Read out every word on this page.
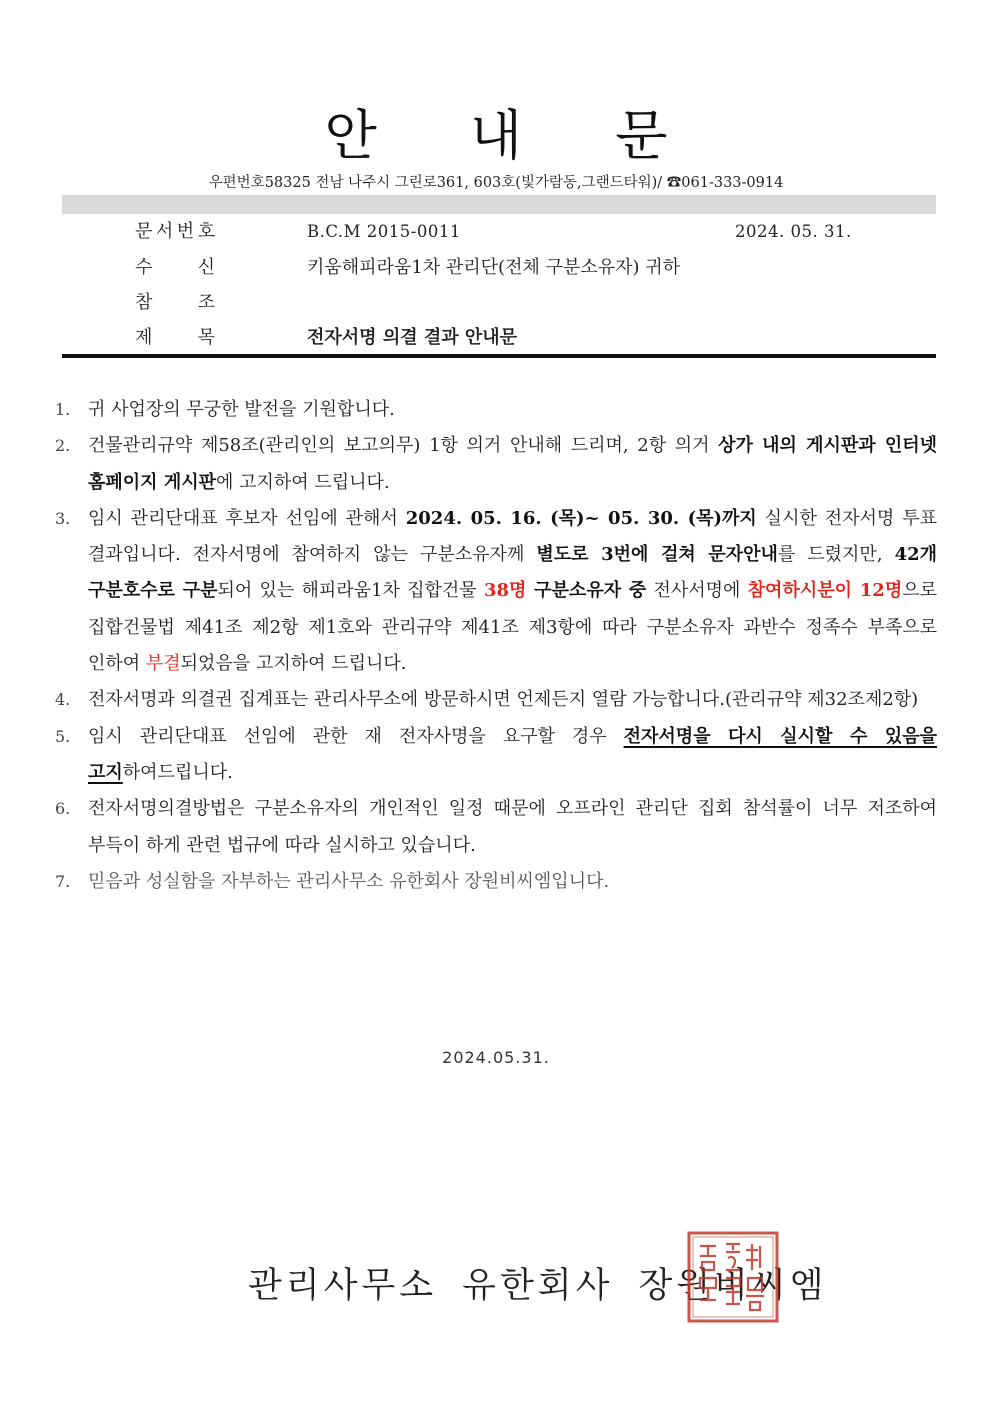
안 내 문
우편번호58325 전남 나주시 그린로361, 603호(빛가람동,그랜드타워)/ ☎061-333-0914
문 서 번 호	B.C.M 2015-0011	2024. 05. 31.
수	신	키움해피라움1차 관리단(전체 구분소유자) 귀하
참	조
제	목	전자서명 의결 결과 안내문
1. 귀 사업장의 무궁한 발전을 기원합니다.
2. 건물관리규약 제58조(관리인의 보고의무) 1항 의거 안내해 드리며, 2항 의거 상가 내의 게시판과 인터넷 홈페이지 게시판에 고지하여 드립니다.
3. 임시 관리단대표 후보자 선임에 관해서 2024. 05. 16. (목)~ 05. 30. (목)까지 실시한 전자서명 투표 결과입니다. 전자서명에 참여하지 않는 구분소유자께 별도로 3번에 걸쳐 문자안내를 드렸지만, 42개 구분호수로 구분되어 있는 해피라움1차 집합건물 38명 구분소유자 중 전사서명에 참여하시분이 12명으로 집합건물법 제41조 제2항 제1호와 관리규약 제41조 제3항에 따라 구분소유자 과반수 정족수 부족으로 인하여 부결되었음을 고지하여 드립니다.
4. 전자서명과 의결권 집계표는 관리사무소에 방문하시면 언제든지 열람 가능합니다.(관리규약 제32조제2항)
5. 임시 관리단대표 선임에 관한 재 전자사명을 요구할 경우 전자서명을 다시 실시할 수 있음을 고지하여드립니다.
6. 전자서명의결방법은 구분소유자의 개인적인 일정 때문에 오프라인 관리단 집회 참석률이 너무 저조하여 부득이 하게 관련 법규에 따라 실시하고 있습니다.
7. 믿음과 성실함을 자부하는 관리사무소 유한회사 장원비씨엠입니다.
2024.05.31.
관리사무소 유한회사 장원비씨엠
